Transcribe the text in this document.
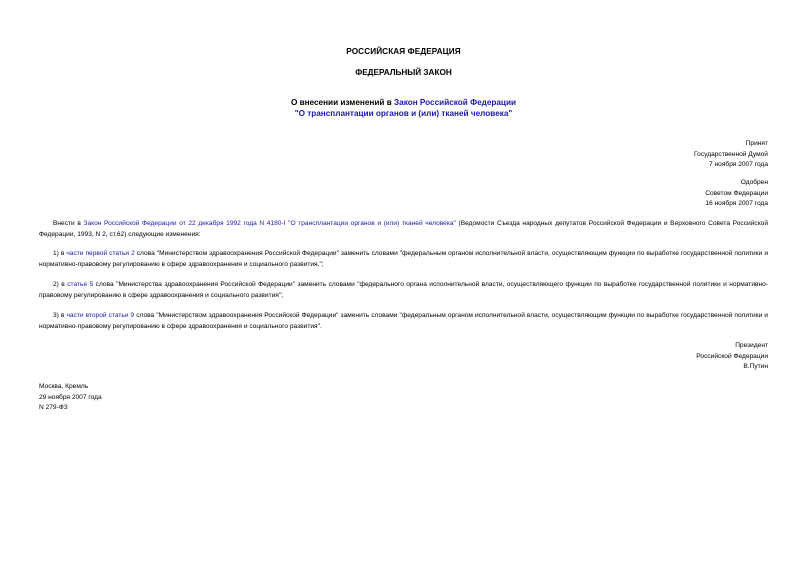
РОССИЙСКАЯ ФЕДЕРАЦИЯ
ФЕДЕРАЛЬНЫЙ ЗАКОН
О внесении изменений в Закон Российской Федерации
"О трансплантации органов и (или) тканей человека"
Принят
Государственной Думой
7 ноября 2007 года
Одобрен
Советом Федерации
16 ноября 2007 года
Внести в Закон Российской Федерации от 22 декабря 1992 года N 4180-I "О трансплантации органов и (или) тканей человека" (Ведомости Съезда народных депутатов Российской Федерации и Верховного Совета Российской Федерации, 1993, N 2, ст.62) следующие изменения:
1) в части первой статьи 2 слова "Министерством здравоохранения Российской Федерации" заменить словами "федеральным органом исполнительной власти, осуществляющим функции по выработке государственной политики и нормативно-правовому регулированию в сфере здравоохранения и социального развития,";
2) в статье 5 слова "Министерства здравоохранения Российской Федерации" заменить словами "федерального органа исполнительной власти, осуществляющего функции по выработке государственной политики и нормативно-правовому регулированию в сфере здравоохранения и социального развития";
3) в части второй статьи 9 слова "Министерством здравоохранения Российской Федерации" заменить словами "федеральным органом исполнительной власти, осуществляющим функции по выработке государственной политики и нормативно-правовому регулированию в сфере здравоохранения и социального развития".
Президент
Российской Федерации
В.Путин
Москва, Кремль
29 ноября 2007 года
N 279-ФЗ
